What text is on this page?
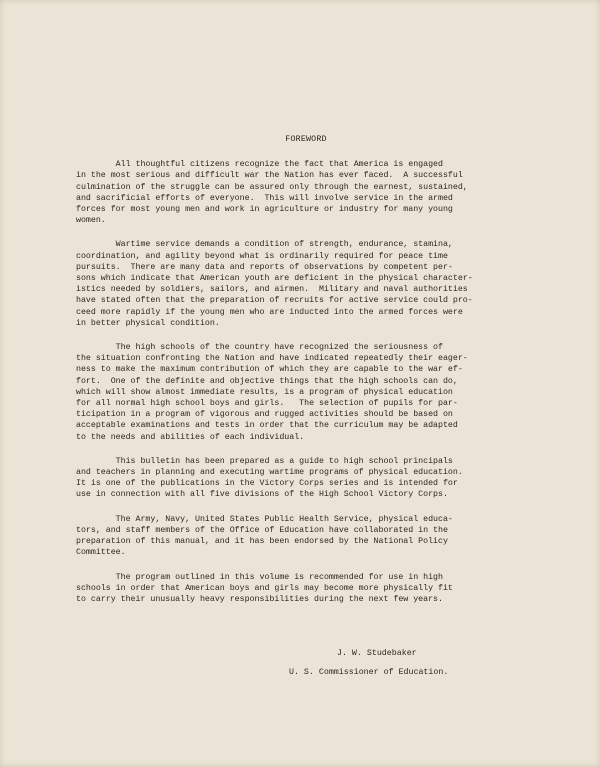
FOREWORD
All thoughtful citizens recognize the fact that America is engaged
in the most serious and difficult war the Nation has ever faced.  A successful
culmination of the struggle can be assured only through the earnest, sustained,
and sacrificial efforts of everyone.  This will involve service in the armed
forces for most young men and work in agriculture or industry for many young
women.
Wartime service demands a condition of strength, endurance, stamina,
coordination, and agility beyond what is ordinarily required for peace time
pursuits.  There are many data and reports of observations by competent per-
sons which indicate that American youth are deficient in the physical character-
istics needed by soldiers, sailors, and airmen.  Military and naval authorities
have stated often that the preparation of recruits for active service could pro-
ceed more rapidly if the young men who are inducted into the armed forces were
in better physical condition.
The high schools of the country have recognized the seriousness of
the situation confronting the Nation and have indicated repeatedly their eager-
ness to make the maximum contribution of which they are capable to the war ef-
fort.  One of the definite and objective things that the high schools can do,
which will show almost immediate results, is a program of physical education
for all normal high school boys and girls.   The selection of pupils for par-
ticipation in a program of vigorous and rugged activities should be based on
acceptable examinations and tests in order that the curriculum may be adapted
to the needs and abilities of each individual.
This bulletin has been prepared as a guide to high school principals
and teachers in planning and executing wartime programs of physical education.
It is one of the publications in the Victory Corps series and is intended for
use in connection with all five divisions of the High School Victory Corps.
The Army, Navy, United States Public Health Service, physical educa-
tors, and staff members of the Office of Education have collaborated in the
preparation of this manual, and it has been endorsed by the National Policy
Committee.
The program outlined in this volume is recommended for use in high
schools in order that American boys and girls may become more physically fit
to carry their unusually heavy responsibilities during the next few years.
J. W. Studebaker
U. S. Commissioner of Education.
